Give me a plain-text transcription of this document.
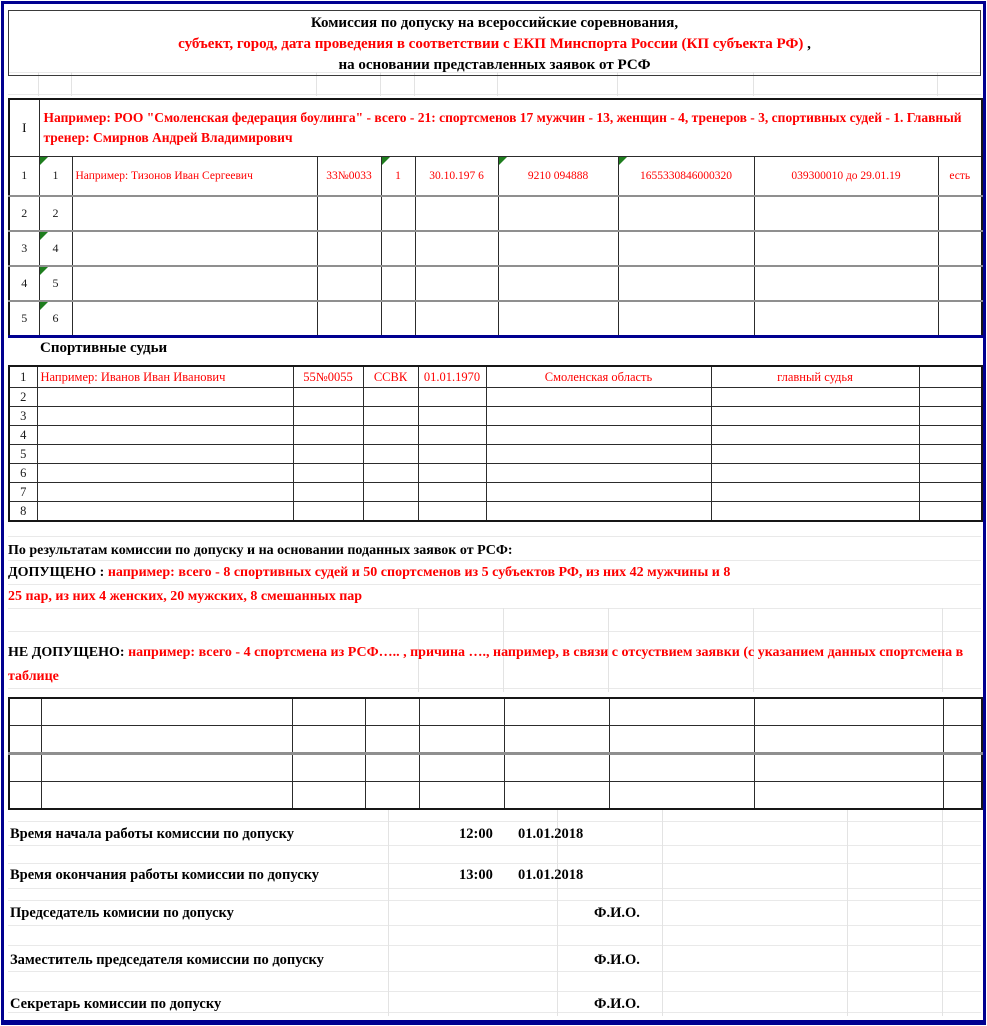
Комиссия по допуску на всероссийские соревнования,
субъект, город, дата проведения в соответствии с ЕКП Минспорта России (КП субъекта РФ) ,
на основании представленных заявок от РСФ
I	Например: РОО "Смоленская федерация боулинга" - всего - 21: спортсменов 17 мужчин - 13, женщин - 4, тренеров - 3, спортивных судей - 1. Главный тренер: Смирнов Андрей Владимирович								
1	1	Например: Тизонов Иван Сергеевич	33№0033	1	30.10.197 6	9210 094888	1655330846000320	039300010 до 29.01.19	есть
2	2								
3	4								
4	5								
5	6								
Спортивные судьи
1	Например: Иванов Иван Иванович	55№0055	ССВК	01.01.1970	Смоленская область	главный судья	
2							
3							
4							
5							
6							
7							
8							
По результатам комиссии по допуску и на основании поданных заявок от РСФ:
ДОПУЩЕНО : например: всего - 8 спортивных судей и 50 спортсменов из 5 субъектов РФ, из них 42 мужчины и 8
25 пар, из них 4 женских, 20 мужских, 8 смешанных пар
НЕ ДОПУЩЕНО: например: всего - 4 спортсмена из РСФ….. , причина …., например, в связи с отсуствием заявки (с указанием данных спортсмена в таблице

Время начала работы комиссии по допуску	12:00 01.01.2018
Время окончания работы комиссии по допуску	13:00 01.01.2018
Председатель комисии по допуску	Ф.И.О.
Заместитель председателя комиссии по допуску	Ф.И.О.
Секретарь комиссии по допуску	Ф.И.О.
